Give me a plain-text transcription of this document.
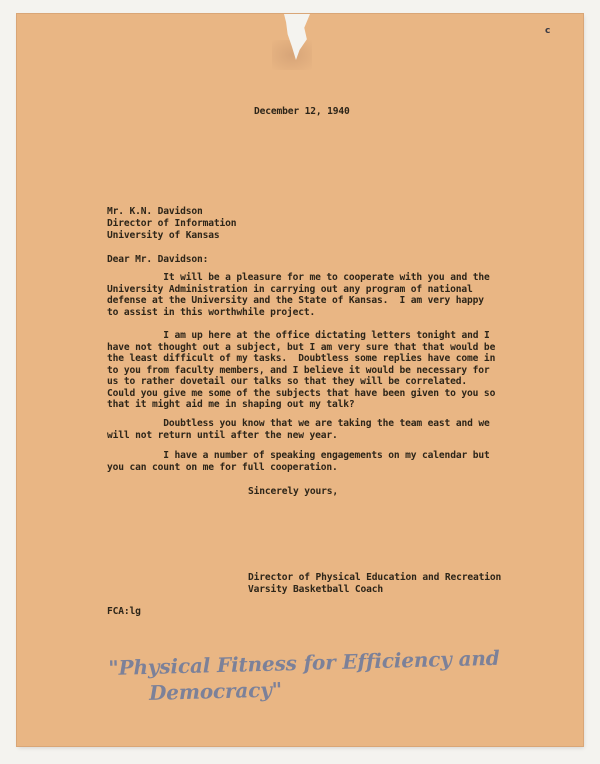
c
December 12, 1940
Mr. K.N. Davidson
Director of Information
University of Kansas
Dear Mr. Davidson:
It will be a pleasure for me to cooperate with you and the University Administration in carrying out any program of national defense at the University and the State of Kansas.  I am very happy to assist in this worthwhile project.
I am up here at the office dictating letters tonight and I have not thought out a subject, but I am very sure that that would be the least difficult of my tasks.  Doubtless some replies have come in to you from faculty members, and I believe it would be necessary for us to rather dovetail our talks so that they will be correlated. Could you give me some of the subjects that have been given to you so that it might aid me in shaping out my talk?
Doubtless you know that we are taking the team east and we will not return until after the new year.
I have a number of speaking engagements on my calendar but you can count on me for full cooperation.
Sincerely yours,
Director of Physical Education and Recreation
Varsity Basketball Coach
FCA:lg
"Physical Fitness for Efficiency and
Democracy"
